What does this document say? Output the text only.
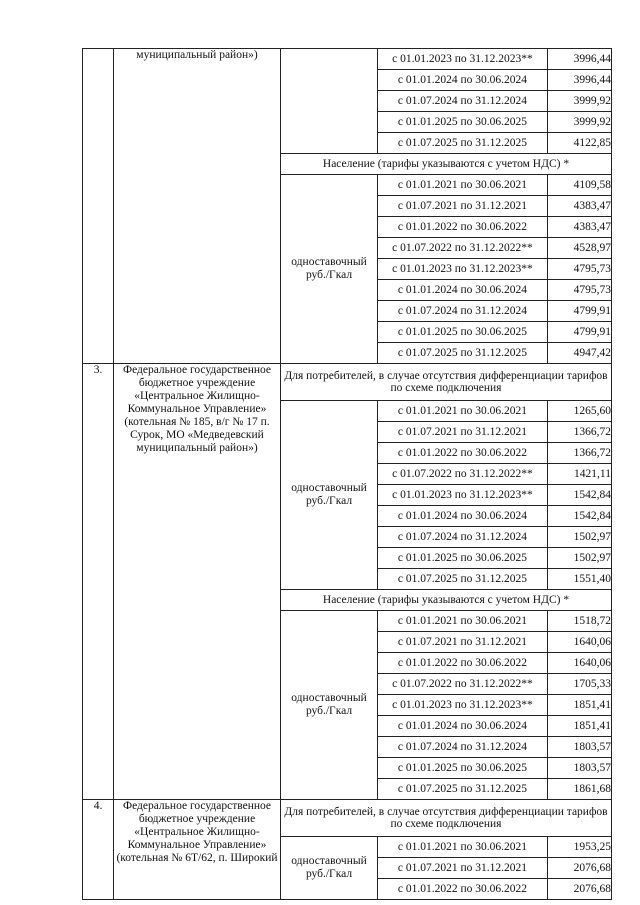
	муниципальный район»)		с 01.01.2023 по 31.12.2023**	3996,44
			с 01.01.2024 по 30.06.2024	3996,44
			с 01.07.2024 по 31.12.2024	3999,92
			с 01.01.2025 по 30.06.2025	3999,92
			с 01.07.2025 по 31.12.2025	4122,85
		Население (тарифы указываются с учетом НДС) *		
		одноставочный руб./Гкал	с 01.01.2021 по 30.06.2021	4109,58
			с 01.07.2021 по 31.12.2021	4383,47
			с 01.01.2022 по 30.06.2022	4383,47
			с 01.07.2022 по 31.12.2022**	4528,97
			с 01.01.2023 по 31.12.2023**	4795,73
			с 01.01.2024 по 30.06.2024	4795,73
			с 01.07.2024 по 31.12.2024	4799,91
			с 01.01.2025 по 30.06.2025	4799,91
			с 01.07.2025 по 31.12.2025	4947,42
3.	Федеральное государственное бюджетное учреждение «Центральное Жилищно-Коммунальное Управление» (котельная № 185, в/г № 17 п. Сурок, МО «Медведевский муниципальный район»)	Для потребителей, в случае отсутствия дифференциации тарифов по схеме подключения		
		одноставочный руб./Гкал	с 01.01.2021 по 30.06.2021	1265,60
			с 01.07.2021 по 31.12.2021	1366,72
			с 01.01.2022 по 30.06.2022	1366,72
			с 01.07.2022 по 31.12.2022**	1421,11
			с 01.01.2023 по 31.12.2023**	1542,84
			с 01.01.2024 по 30.06.2024	1542,84
			с 01.07.2024 по 31.12.2024	1502,97
			с 01.01.2025 по 30.06.2025	1502,97
			с 01.07.2025 по 31.12.2025	1551,40
		Население (тарифы указываются с учетом НДС) *		
		одноставочный руб./Гкал	с 01.01.2021 по 30.06.2021	1518,72
			с 01.07.2021 по 31.12.2021	1640,06
			с 01.01.2022 по 30.06.2022	1640,06
			с 01.07.2022 по 31.12.2022**	1705,33
			с 01.01.2023 по 31.12.2023**	1851,41
			с 01.01.2024 по 30.06.2024	1851,41
			с 01.07.2024 по 31.12.2024	1803,57
			с 01.01.2025 по 30.06.2025	1803,57
			с 01.07.2025 по 31.12.2025	1861,68
4.	Федеральное государственное бюджетное учреждение «Центральное Жилищно-Коммунальное Управление» (котельная № 6Т/62, п. Широкий	Для потребителей, в случае отсутствия дифференциации тарифов по схеме подключения		
		одноставочный руб./Гкал	с 01.01.2021 по 30.06.2021	1953,25
			с 01.07.2021 по 31.12.2021	2076,68
			с 01.01.2022 по 30.06.2022	2076,68
